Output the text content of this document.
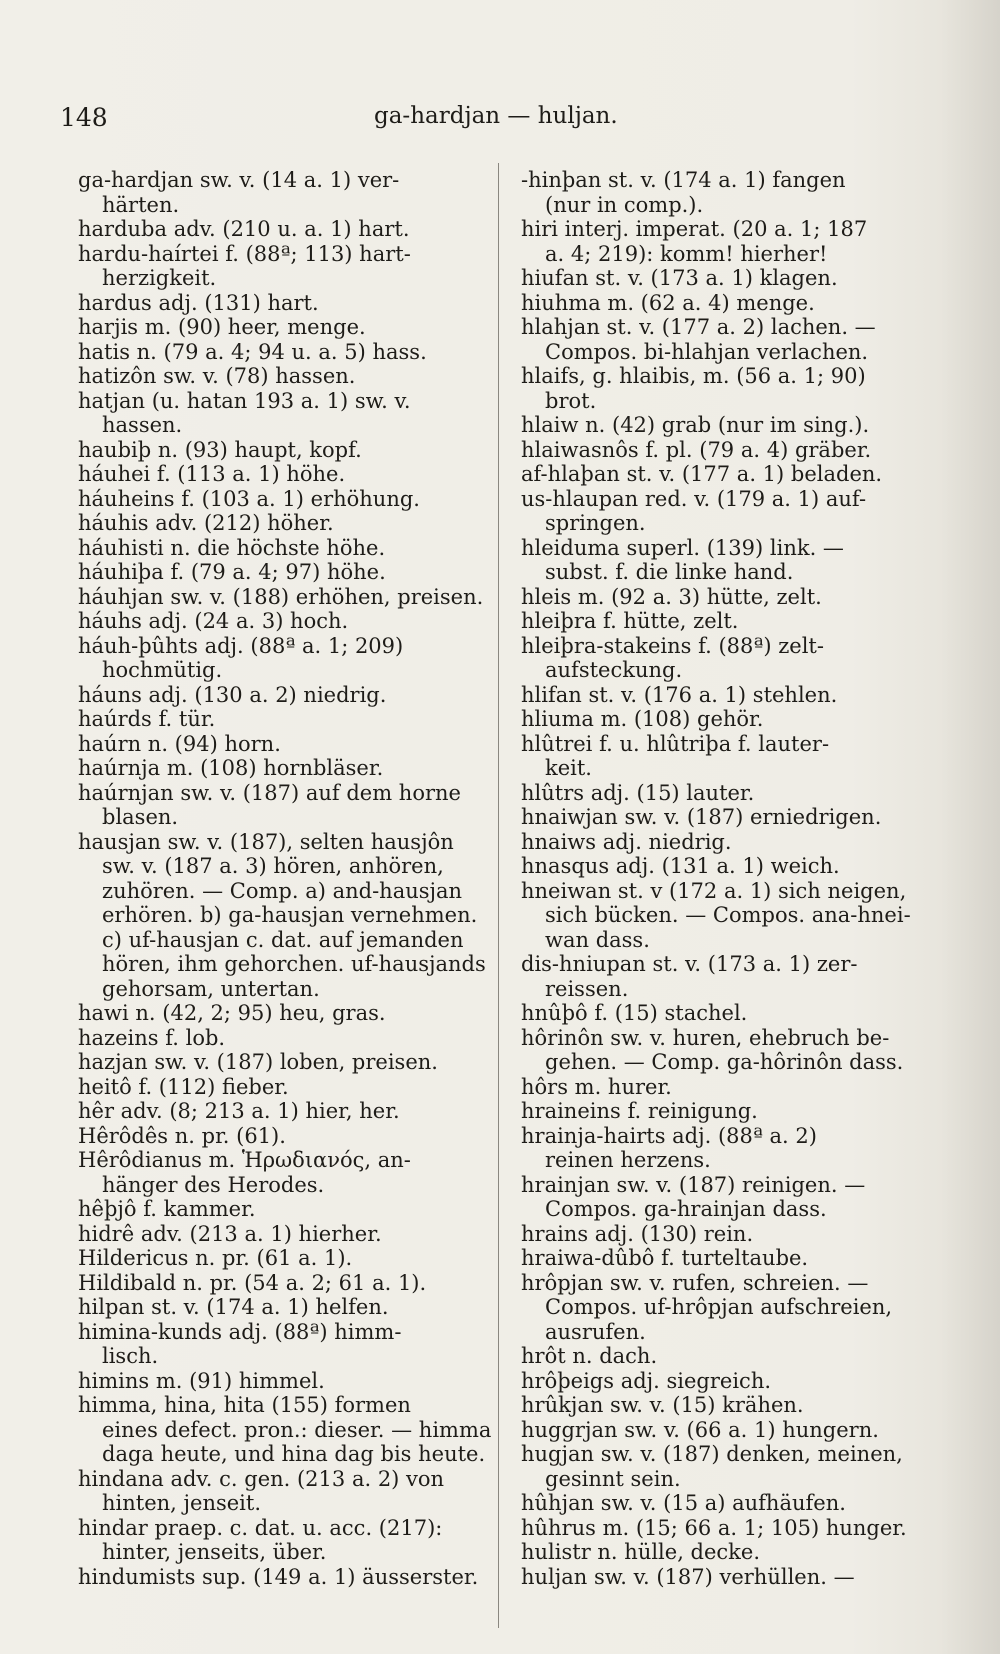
148	ga-hardjan — huljan.
ga-hardjan sw. v. (14 a. 1) ver-
härten.
harduba adv. (210 u. a. 1) hart.
hardu-haírtei f. (88ª; 113) hart-
herzigkeit.
hardus adj. (131) hart.
harjis m. (90) heer, menge.
hatis n. (79 a. 4; 94 u. a. 5) hass.
hatizôn sw. v. (78) hassen.
hatjan (u. hatan 193 a. 1) sw. v.
hassen.
haubiþ n. (93) haupt, kopf.
háuhei f. (113 a. 1) höhe.
háuheins f. (103 a. 1) erhöhung.
háuhis adv. (212) höher.
háuhisti n. die höchste höhe.
háuhiþa f. (79 a. 4; 97) höhe.
háuhjan sw. v. (188) erhöhen, preisen.
háuhs adj. (24 a. 3) hoch.
háuh-þûhts adj. (88ª a. 1; 209)
hochmütig.
háuns adj. (130 a. 2) niedrig.
haúrds f. tür.
haúrn n. (94) horn.
haúrnja m. (108) hornbläser.
haúrnjan sw. v. (187) auf dem horne
blasen.
hausjan sw. v. (187), selten hausjôn
sw. v. (187 a. 3) hören, anhören,
zuhören. — Comp. a) and-hausjan
erhören. b) ga-hausjan vernehmen.
c) uf-hausjan c. dat. auf jemanden
hören, ihm gehorchen. uf-hausjands
gehorsam, untertan.
hawi n. (42, 2; 95) heu, gras.
hazeins f. lob.
hazjan sw. v. (187) loben, preisen.
heitô f. (112) fieber.
hêr adv. (8; 213 a. 1) hier, her.
Hêrôdês n. pr. (61).
Hêrôdianus m. Ἡρωδιανός, an-
hänger des Herodes.
hêþjô f. kammer.
hidrê adv. (213 a. 1) hierher.
Hildericus n. pr. (61 a. 1).
Hildibald n. pr. (54 a. 2; 61 a. 1).
hilpan st. v. (174 a. 1) helfen.
himina-kunds adj. (88ª) himm-
lisch.
himins m. (91) himmel.
himma, hina, hita (155) formen
eines defect. pron.: dieser. — himma
daga heute, und hina dag bis heute.
hindana adv. c. gen. (213 a. 2) von
hinten, jenseit.
hindar praep. c. dat. u. acc. (217):
hinter, jenseits, über.
hindumists sup. (149 a. 1) äusserster.
-hinþan st. v. (174 a. 1) fangen
(nur in comp.).
hiri interj. imperat. (20 a. 1; 187
a. 4; 219): komm! hierher!
hiufan st. v. (173 a. 1) klagen.
hiuhma m. (62 a. 4) menge.
hlahjan st. v. (177 a. 2) lachen. —
Compos. bi-hlahjan verlachen.
hlaifs, g. hlaibis, m. (56 a. 1; 90)
brot.
hlaiw n. (42) grab (nur im sing.).
hlaiwasnôs f. pl. (79 a. 4) gräber.
af-hlaþan st. v. (177 a. 1) beladen.
us-hlaupan red. v. (179 a. 1) auf-
springen.
hleiduma superl. (139) link. —
subst. f. die linke hand.
hleis m. (92 a. 3) hütte, zelt.
hleiþra f. hütte, zelt.
hleiþra-stakeins f. (88ª) zelt-
aufsteckung.
hlifan st. v. (176 a. 1) stehlen.
hliuma m. (108) gehör.
hlûtrei f. u. hlûtriþa f. lauter-
keit.
hlûtrs adj. (15) lauter.
hnaiwjan sw. v. (187) erniedrigen.
hnaiws adj. niedrig.
hnasqus adj. (131 a. 1) weich.
hneiwan st. v (172 a. 1) sich neigen,
sich bücken. — Compos. ana-hnei-
wan dass.
dis-hniupan st. v. (173 a. 1) zer-
reissen.
hnûþô f. (15) stachel.
hôrinôn sw. v. huren, ehebruch be-
gehen. — Comp. ga-hôrinôn dass.
hôrs m. hurer.
hraineins f. reinigung.
hrainja-hairts adj. (88ª a. 2)
reinen herzens.
hrainjan sw. v. (187) reinigen. —
Compos. ga-hrainjan dass.
hrains adj. (130) rein.
hraiwa-dûbô f. turteltaube.
hrôpjan sw. v. rufen, schreien. —
Compos. uf-hrôpjan aufschreien,
ausrufen.
hrôt n. dach.
hrôþeigs adj. siegreich.
hrûkjan sw. v. (15) krähen.
huggrjan sw. v. (66 a. 1) hungern.
hugjan sw. v. (187) denken, meinen,
gesinnt sein.
hûhjan sw. v. (15 a) aufhäufen.
hûhrus m. (15; 66 a. 1; 105) hunger.
hulistr n. hülle, decke.
huljan sw. v. (187) verhüllen. —
